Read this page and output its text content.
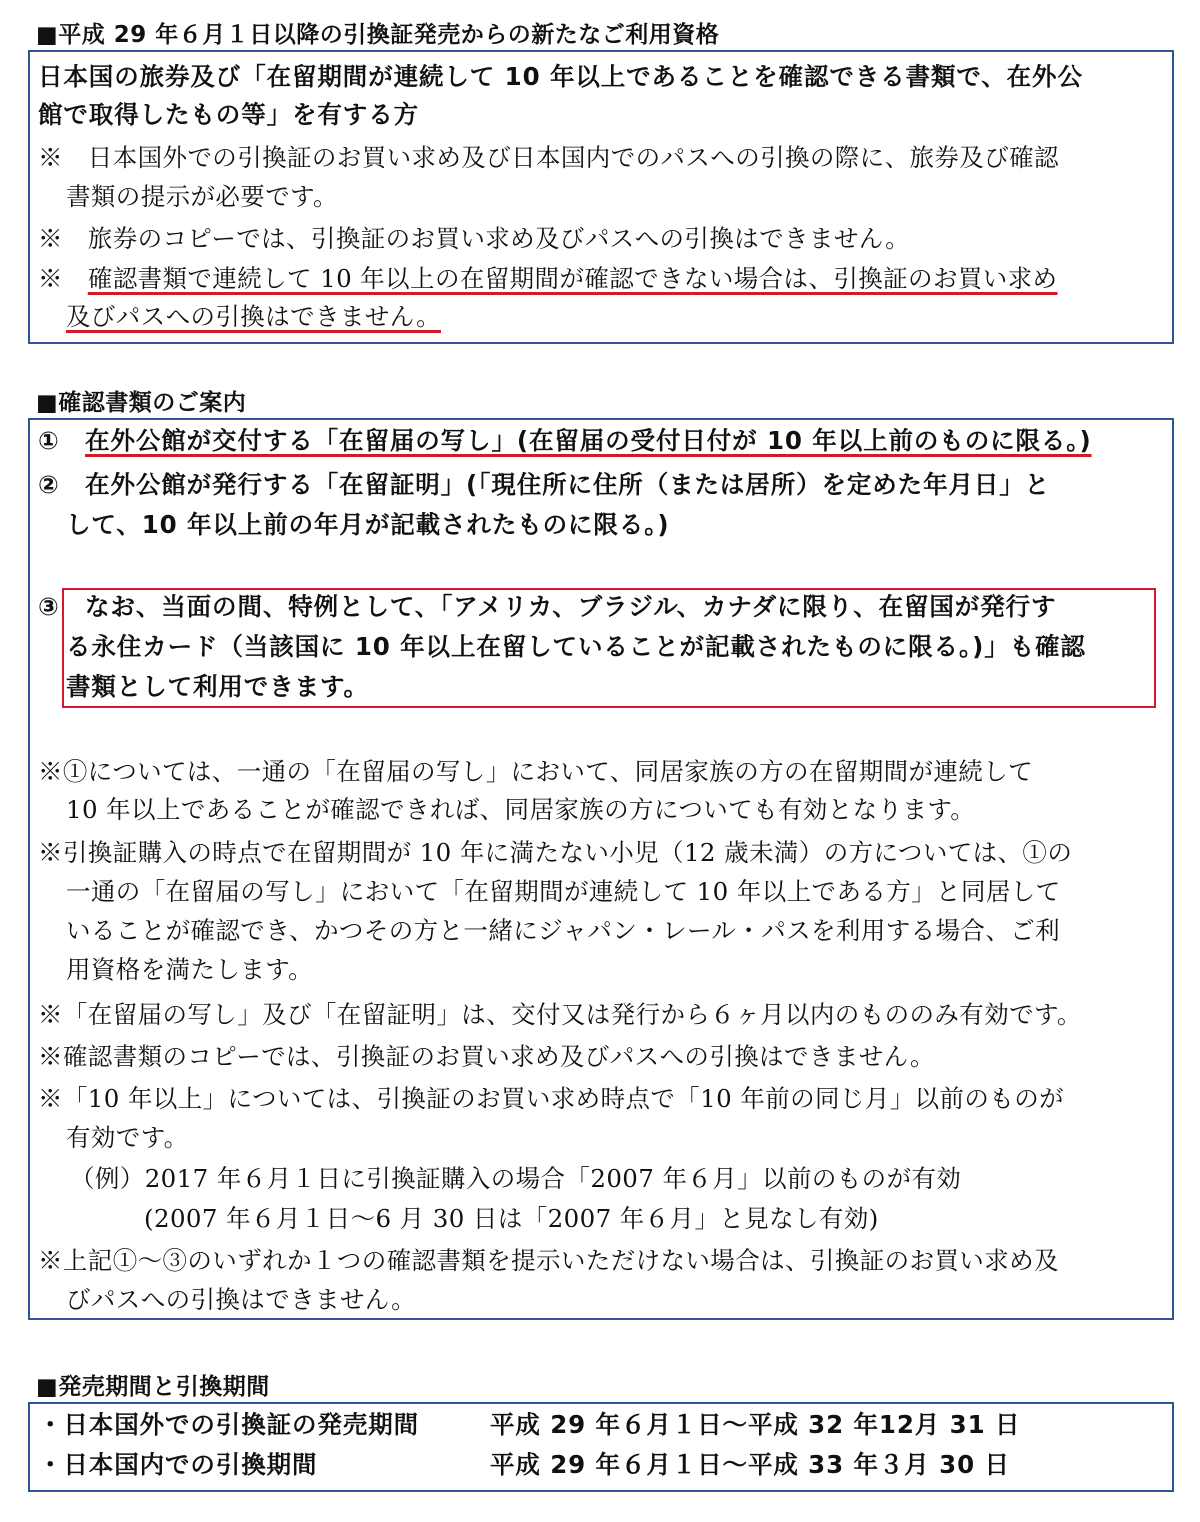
■平成 29 年６月１日以降の引換証発売からの新たなご利用資格
日本国の旅券及び「在留期間が連続して 10 年以上であることを確認できる書類で、在外公
館で取得したもの等」を有する方
※　日本国外での引換証のお買い求め及び日本国内でのパスへの引換の際に、旅券及び確認
書類の提示が必要です。
※　旅券のコピーでは、引換証のお買い求め及びパスへの引換はできません。
※　確認書類で連続して 10 年以上の在留期間が確認できない場合は、引換証のお買い求め
及びパスへの引換はできません。
■確認書類のご案内
①　在外公館が交付する「在留届の写し」(在留届の受付日付が 10 年以上前のものに限る。)
②　在外公館が発行する「在留証明」(「現住所に住所（または居所）を定めた年月日」と
して、10 年以上前の年月が記載されたものに限る。)
③　なお、当面の間、特例として、「アメリカ、ブラジル、カナダに限り、在留国が発行す
る永住カード（当該国に 10 年以上在留していることが記載されたものに限る。)」も確認
書類として利用できます。
※①については、一通の「在留届の写し」において、同居家族の方の在留期間が連続して
10 年以上であることが確認できれば、同居家族の方についても有効となります。
※引換証購入の時点で在留期間が 10 年に満たない小児（12 歳未満）の方については、①の
一通の「在留届の写し」において「在留期間が連続して 10 年以上である方」と同居して
いることが確認でき、かつその方と一緒にジャパン・レール・パスを利用する場合、ご利
用資格を満たします。
※「在留届の写し」及び「在留証明」は、交付又は発行から６ヶ月以内のもののみ有効です。
※確認書類のコピーでは、引換証のお買い求め及びパスへの引換はできません。
※「10 年以上」については、引換証のお買い求め時点で「10 年前の同じ月」以前のものが
有効です。
（例）2017 年６月１日に引換証購入の場合「2007 年６月」以前のものが有効
(2007 年６月１日～6 月 30 日は「2007 年６月」と見なし有効)
※上記①～③のいずれか１つの確認書類を提示いただけない場合は、引換証のお買い求め及
びパスへの引換はできません。
■発売期間と引換期間
・日本国外での引換証の発売期間	平成 29 年６月１日～平成 32 年12月 31 日
・日本国内での引換期間	平成 29 年６月１日～平成 33 年３月 30 日
